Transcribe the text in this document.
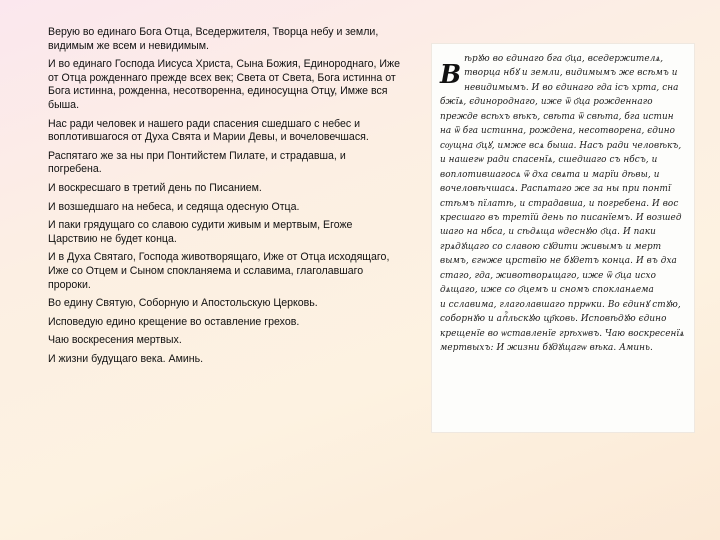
Верую во единаго Бога Отца, Вседержителя, Творца небу и земли, видимым же всем и невидимым.

И во единаго Господа Иисуса Христа, Сына Божия, Единороднаго, Иже от Отца рожденнаго прежде всех век; Света от Света, Бога истинна от Бога истинна, рожденна, несотворенна, единосущна Отцу, Имже вся быша.

Нас ради человек и нашего ради спасения сшедшаго с небес и воплотившагося от Духа Свята и Марии Девы, и вочеловечшася.

Распятаго же за ны при Понтийстем Пилате, и страдавша, и погребена.

И воскресшаго в третий день по Писанием.

И возшедшаго на небеса, и седяща одесную Отца.

И паки грядущаго со славою судити живым и мертвым, Егоже Царствию не будет конца.

И в Духа Святаго, Господа животворящаго, Иже от Отца исходящаго, Иже со Отцем и Сыном спокланяема и сславима, глаголавшаго пророки.

Во едину Святую, Соборную и Апостольскую Церковь.

Исповедую едино крещение во оставление грехов.

Чаю воскресения мертвых.

И жизни будущаго века. Аминь.

В
ѣрꙋю во єдинаго бга ѻ҃ца, вседержителѧ,
творца нбꙋ и земли, видимымъ же всѣмъ и
невидимымъ. И во єдинаго гда ісъ хрта, сна
бжїѧ, єдинороднаго, иже ѿ ѻ҃ца рожденнаго
прежде всѣхъ вѣкъ, свѣта ѿ свѣта, бга истин
на ѿ бга истинна, рождена, несотворена, єдино
сѹщна ѻ҃цꙋ, имже всѧ быша. Насъ ради человѣкъ,
и нашегѡ ради спасенїѧ, сшедшаго съ нбсъ, и
воплотившагосѧ ѿ дха свѧта и марїи дѣвы, и
вочеловѣчшасѧ. Распѧтаго же за ны при понтї
стѣмъ пїлатѣ, и страдавша, и погребена. И вос
кресшаго въ третїй день по писанїемъ. И возшед
шаго на нбса, и сѣдѧща ѡдеснꙋю ѻ҃ца. И паки
грѧдꙋщаго со славою сꙋдити живымъ и мерт
вымъ, єгѡже црствїю не бꙋдетъ конца. И въ дха
стаго, гда, животворѧщаго, иже ѿ ѻ҃ца исхо
дѧщаго, иже со ѻ҃цемъ и сномъ спокланѧема
и сславима, глаголавшаго пррѡки. Во єдинꙋ стꙋю,
соборнꙋю и апⷭ҇льскꙋю цр҃ковь. Исповѣдꙋю єдино
крещенїе во ѡставленїе грѣхѡвъ. Чаю воскресенїѧ
мертвыхъ: И жизни бꙋдꙋщагѡ вѣка. Аминь.
